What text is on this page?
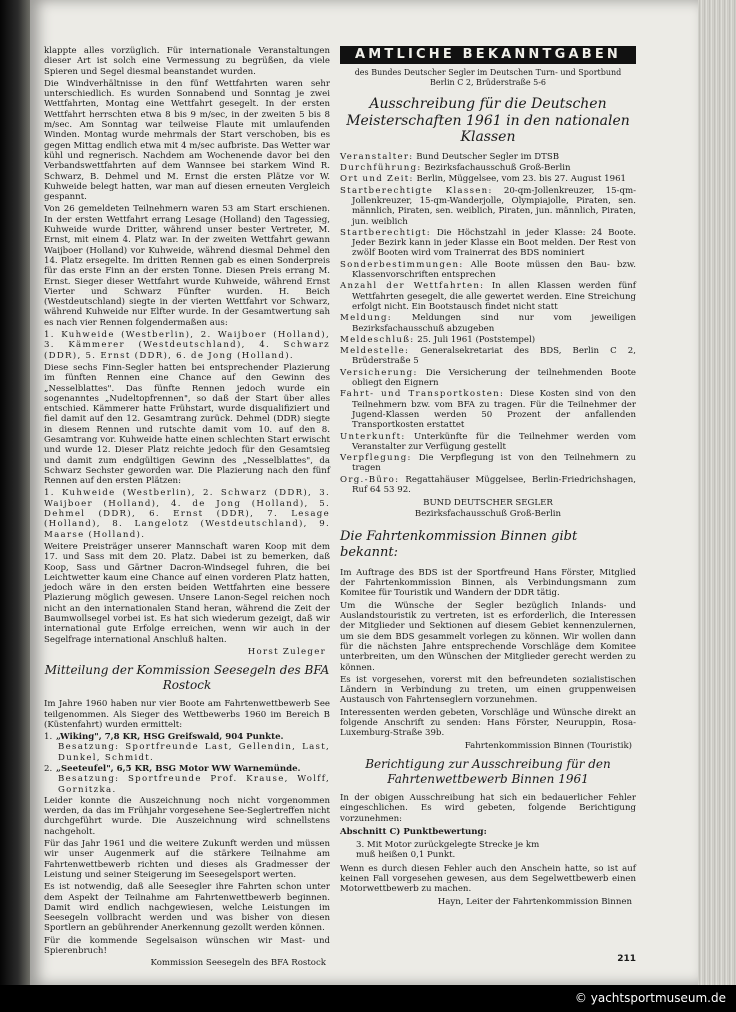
klappte alles vorzüglich. Für internationale Veranstaltungen dieser Art ist solch eine Vermessung zu begrüßen, da viele Spieren und Segel diesmal beanstandet wurden.

Die Windverhältnisse in den fünf Wettfahrten waren sehr unterschiedlich. Es wurden Sonnabend und Sonntag je zwei Wettfahrten, Montag eine Wettfahrt gesegelt. In der ersten Wettfahrt herrschten etwa 8 bis 9 m/sec, in der zweiten 5 bis 8 m/sec. Am Sonntag war teilweise Flaute mit umlaufenden Winden. Montag wurde mehrmals der Start verschoben, bis es gegen Mittag endlich etwa mit 4 m/sec aufbriste. Das Wetter war kühl und regnerisch. Nachdem am Wochenende davor bei den Verbandswettfahrten auf dem Wannsee bei starkem Wind R. Schwarz, B. Dehmel und M. Ernst die ersten Plätze vor W. Kuhweide belegt hatten, war man auf diesen erneuten Vergleich gespannt.

Von 26 gemeldeten Teilnehmern waren 53 am Start erschienen. In der ersten Wettfahrt errang Lesage (Holland) den Tagessieg, Kuhweide wurde Dritter, während unser bester Vertreter, M. Ernst, mit einem 4. Platz war. In der zweiten Wettfahrt gewann Waijboer (Holland) vor Kuhweide, während diesmal Dehmel den 14. Platz ersegelte. Im dritten Rennen gab es einen Sonderpreis für das erste Finn an der ersten Tonne. Diesen Preis errang M. Ernst. Sieger dieser Wettfahrt wurde Kuhweide, während Ernst Vierter und Schwarz Fünfter wurden. H. Beich (Westdeutschland) siegte in der vierten Wettfahrt vor Schwarz, während Kuhweide nur Elfter wurde. In der Gesamtwertung sah es nach vier Rennen folgendermaßen aus:

1. Kuhweide (Westberlin), 2. Waijboer (Holland), 3. Kämmerer (Westdeutschland), 4. Schwarz (DDR), 5. Ernst (DDR), 6. de Jong (Holland).

Diese sechs Finn-Segler hatten bei entsprechender Plazierung im fünften Rennen eine Chance auf den Gewinn des „Nesselblattes". Das fünfte Rennen jedoch wurde ein sogenanntes „Nudeltopfrennen", so daß der Start über alles entschied. Kämmerer hatte Frühstart, wurde disqualifiziert und fiel damit auf den 12. Gesamtrang zurück. Dehmel (DDR) siegte in diesem Rennen und rutschte damit vom 10. auf den 8. Gesamtrang vor. Kuhweide hatte einen schlechten Start erwischt und wurde 12. Dieser Platz reichte jedoch für den Gesamtsieg und damit zum endgültigen Gewinn des „Nesselblattes", da Schwarz Sechster geworden war. Die Plazierung nach den fünf Rennen auf den ersten Plätzen:

1. Kuhweide (Westberlin), 2. Schwarz (DDR), 3. Waijboer (Holland), 4. de Jong (Holland), 5. Dehmel (DDR), 6. Ernst (DDR), 7. Lesage (Holland), 8. Langelotz (Westdeutschland), 9. Maarse (Holland).

Weitere Preisträger unserer Mannschaft waren Koop mit dem 17. und Sass mit dem 20. Platz. Dabei ist zu bemerken, daß Koop, Sass und Gärtner Dacron-Windsegel fuhren, die bei Leichtwetter kaum eine Chance auf einen vorderen Platz hatten, jedoch wäre in den ersten beiden Wettfahrten eine bessere Plazierung möglich gewesen. Unsere Lanon-Segel reichen noch nicht an den internationalen Stand heran, während die Zeit der Baumwollsegel vorbei ist. Es hat sich wiederum gezeigt, daß wir international gute Erfolge erreichen, wenn wir auch in der Segelfrage international Anschluß halten.

Horst Zuleger
Mitteilung der Kommission Seesegeln des BFA Rostock

Im Jahre 1960 haben nur vier Boote am Fahrtenwettbewerb See teilgenommen. Als Sieger des Wettbewerbs 1960 im Bereich B (Küstenfahrt) wurden ermittelt:

1. „Wiking", 7,8 KR, HSG Greifswald, 904 Punkte.
Besatzung: Sportfreunde Last, Gellendin, Last, Dunkel, Schmidt.
2. „Seeteufel", 6,5 KR, BSG Motor WW Warnemünde.
Besatzung: Sportfreunde Prof. Krause, Wolff, Gornitzka.

Leider konnte die Auszeichnung noch nicht vorgenommen werden, da das im Frühjahr vorgesehene See-Seglertreffen nicht durchgeführt wurde. Die Auszeichnung wird schnellstens nachgeholt.

Für das Jahr 1961 und die weitere Zukunft werden und müssen wir unser Augenmerk auf die stärkere Teilnahme am Fahrtenwettbewerb richten und dieses als Gradmesser der Leistung und seiner Steigerung im Seesegelsport werten.

Es ist notwendig, daß alle Seesegler ihre Fahrten schon unter dem Aspekt der Teilnahme am Fahrtenwettbewerb beginnen. Damit wird endlich nachgewiesen, welche Leistungen im Seesegeln vollbracht werden und was bisher von diesen Sportlern an gebührender Anerkennung gezollt werden können.

Für die kommende Segelsaison wünschen wir Mast- und Spierenbruch!

Kommission Seesegeln des BFA Rostock
AMTLICHE BEKANNTGABEN
des Bundes Deutscher Segler im Deutschen Turn- und Sportbund
Berlin C 2, Brüderstraße 5-6
Ausschreibung für die Deutschen Meisterschaften 1961 in den nationalen Klassen
Veranstalter: Bund Deutscher Segler im DTSB
Durchführung: Bezirksfachausschuß Groß-Berlin
Ort und Zeit: Berlin, Müggelsee, vom 23. bis 27. August 1961
Startberechtigte Klassen: 20-qm-Jollenkreuzer, 15-qm-Jollenkreuzer, 15-qm-Wanderjolle, Olympiajolle, Piraten, sen. männlich, Piraten, sen. weiblich, Piraten, jun. männlich, Piraten, jun. weiblich
Startberechtigt: Die Höchstzahl in jeder Klasse: 24 Boote. Jeder Bezirk kann in jeder Klasse ein Boot melden. Der Rest von zwölf Booten wird vom Trainerrat des BDS nominiert
Sonderbestimmungen: Alle Boote müssen den Bau- bzw. Klassenvorschriften entsprechen
Anzahl der Wettfahrten: In allen Klassen werden fünf Wettfahrten gesegelt, die alle gewertet werden. Eine Streichung erfolgt nicht. Ein Bootstausch findet nicht statt
Meldung: Meldungen sind nur vom jeweiligen Bezirksfachausschuß abzugeben
Meldeschluß: 25. Juli 1961 (Poststempel)
Meldestelle: Generalsekretariat des BDS, Berlin C 2, Brüderstraße 5
Versicherung: Die Versicherung der teilnehmenden Boote obliegt den Eignern
Fahrt- und Transportkosten: Diese Kosten sind von den Teilnehmern bzw. vom BFA zu tragen. Für die Teilnehmer der Jugend-Klassen werden 50 Prozent der anfallenden Transportkosten erstattet
Unterkunft: Unterkünfte für die Teilnehmer werden vom Veranstalter zur Verfügung gestellt
Verpflegung: Die Verpflegung ist von den Teilnehmern zu tragen
Org.-Büro: Regattahäuser Müggelsee, Berlin-Friedrichshagen, Ruf 64 53 92.
BUND DEUTSCHER SEGLER
Bezirksfachausschuß Groß-Berlin
Die Fahrtenkommission Binnen gibt bekannt:

Im Auftrage des BDS ist der Sportfreund Hans Förster, Mitglied der Fahrtenkommission Binnen, als Verbindungsmann zum Komitee für Touristik und Wandern der DDR tätig.

Um die Wünsche der Segler bezüglich Inlands- und Auslandstouristik zu vertreten, ist es erforderlich, die Interessen der Mitglieder und Sektionen auf diesem Gebiet kennenzulernen, um sie dem BDS gesammelt vorlegen zu können. Wir wollen dann für die nächsten Jahre entsprechende Vorschläge dem Komitee unterbreiten, um den Wünschen der Mitglieder gerecht werden zu können.

Es ist vorgesehen, vorerst mit den befreundeten sozialistischen Ländern in Verbindung zu treten, um einen gruppenweisen Austausch von Fahrtenseglern vorzunehmen.

Interessenten werden gebeten, Vorschläge und Wünsche direkt an folgende Anschrift zu senden: Hans Förster, Neuruppin, Rosa-Luxemburg-Straße 39b.

Fahrtenkommission Binnen (Touristik)
Berichtigung zur Ausschreibung für den Fahrtenwettbewerb Binnen 1961

In der obigen Ausschreibung hat sich ein bedauerlicher Fehler eingeschlichen. Es wird gebeten, folgende Berichtigung vorzunehmen:

Abschnitt C) Punktbewertung:
3. Mit Motor zurückgelegte Strecke je km
muß heißen 0,1 Punkt.

Wenn es durch diesen Fehler auch den Anschein hatte, so ist auf keinen Fall vorgesehen gewesen, aus dem Segelwettbewerb einen Motorwettbewerb zu machen.

Hayn, Leiter der Fahrtenkommission Binnen
211
© yachtsportmuseum.de
